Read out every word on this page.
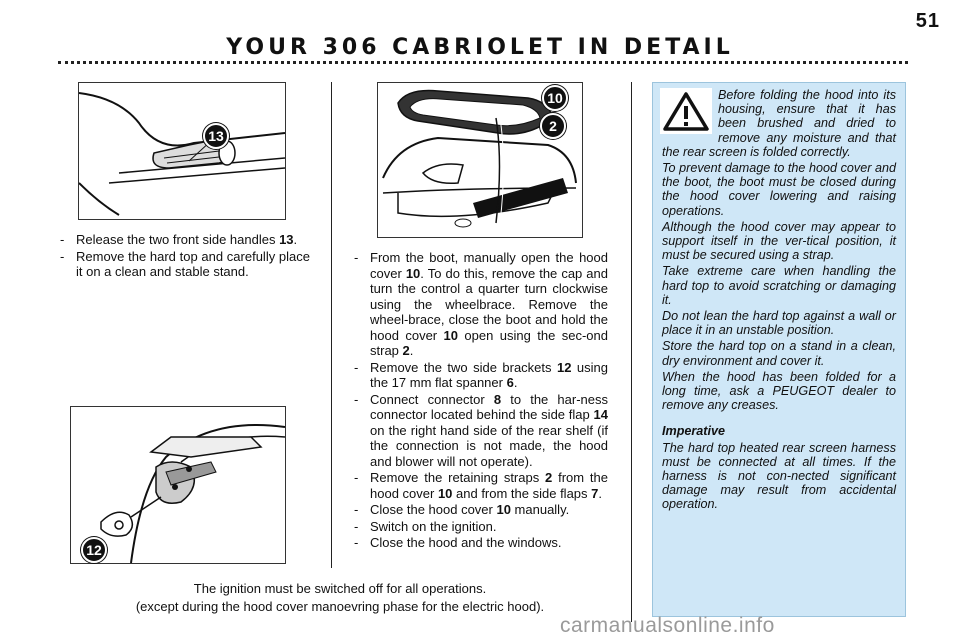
51
YOUR 306 CABRIOLET IN DETAIL
13
12
10
2
- Release the two front side handles 13.
- Remove the hard top and carefully place it on a clean and stable stand.
- From the boot, manually open the hood cover 10. To do this, remove the cap and turn the control a quarter turn clockwise using the wheelbrace. Remove the wheel-brace, close the boot and hold the hood cover 10 open using the sec-ond strap 2.
- Remove the two side brackets 12 using the 17 mm flat spanner 6.
- Connect connector 8 to the har-ness connector located behind the side flap 14 on the right hand side of the rear shelf (if the connection is not made, the hood and blower will not operate).
- Remove the retaining straps 2 from the hood cover 10 and from the side flaps 7.
- Close the hood cover 10 manually.
- Switch on the ignition.
- Close the hood and the windows.

Before folding the hood into its housing, ensure that it has been brushed and dried to remove any moisture and that the rear screen is folded correctly.

To prevent damage to the hood cover and the boot, the boot must be closed during the hood cover lowering and raising operations.

Although the hood cover may appear to support itself in the ver-tical position, it must be secured using a strap.

Take extreme care when handling the hard top to avoid scratching or damaging it.

Do not lean the hard top against a wall or place it in an unstable position.

Store the hard top on a stand in a clean, dry environment and cover it.

When the hood has been folded for a long time, ask a PEUGEOT dealer to remove any creases.

Imperative

The hard top heated rear screen harness must be connected at all times. If the harness is not con-nected significant damage may result from accidental operation.

The ignition must be switched off for all operations.
(except during the hood cover manoevring phase for the electric hood).
carmanualsonline.info
